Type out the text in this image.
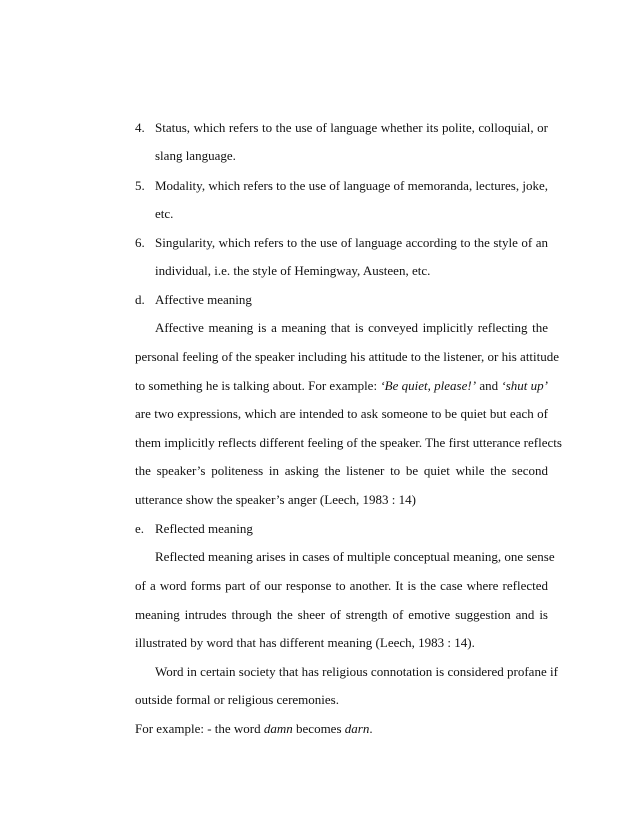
4. Status, which refers to the use of language whether its polite, colloquial, or
slang language.
5. Modality, which refers to the use of language of memoranda, lectures, joke,
etc.
6. Singularity, which refers to the use of language according to the style of an
individual, i.e. the style of Hemingway, Austeen, etc.
d. Affective meaning

Affective meaning is a meaning that is conveyed implicitly reflecting the

personal feeling of the speaker including his attitude to the listener, or his attitude

to something he is talking about. For example: ‘Be quiet, please!’ and ‘shut up’

are two expressions, which are intended to ask someone to be quiet but each of

them implicitly reflects different feeling of the speaker. The first utterance reflects

the speaker’s politeness in asking the listener to be quiet while the second

utterance show the speaker’s anger (Leech, 1983 : 14)

e. Reflected meaning

Reflected meaning arises in cases of multiple conceptual meaning, one sense

of a word forms part of our response to another. It is the case where reflected

meaning intrudes through the sheer of strength of emotive suggestion and is

illustrated by word that has different meaning (Leech, 1983 : 14).

Word in certain society that has religious connotation is considered profane if

outside formal or religious ceremonies.

For example: - the word damn becomes darn.
